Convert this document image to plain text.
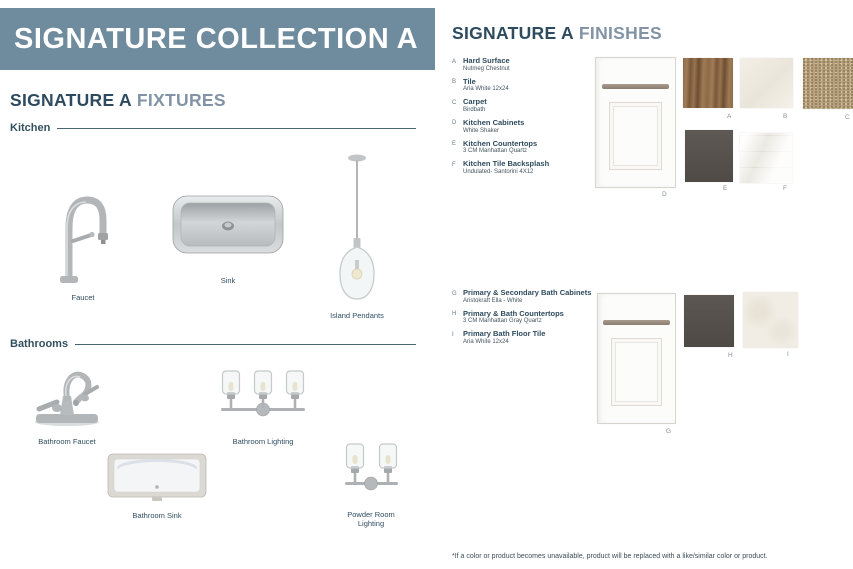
SIGNATURE COLLECTION A
SIGNATURE A FIXTURES
Kitchen
Faucet
Sink
Island Pendants
Bathrooms
Bathroom Faucet	Bathroom Lighting
Bathroom Sink	Powder Room Lighting
SIGNATURE A FINISHES
A Hard Surface
Nutmeg Chestnut
B Tile
Aria White 12x24
C Carpet
Birdbath
D Kitchen Cabinets
White Shaker
E Kitchen Countertops
3 CM Manhattan Quartz
F Kitchen Tile Backsplash
Undulated- Santorini 4X12
G Primary & Secondary Bath Cabinets
Aristokraft Ella - White
H Primary & Bath Countertops
3 CM Manhattan Gray Quartz
I	Primary Bath Floor Tile
Aria White 12x24
A	B	C
D
E	F
G
H	I
*If a color or product becomes unavailable, product will be replaced with a like/similar color or product.
